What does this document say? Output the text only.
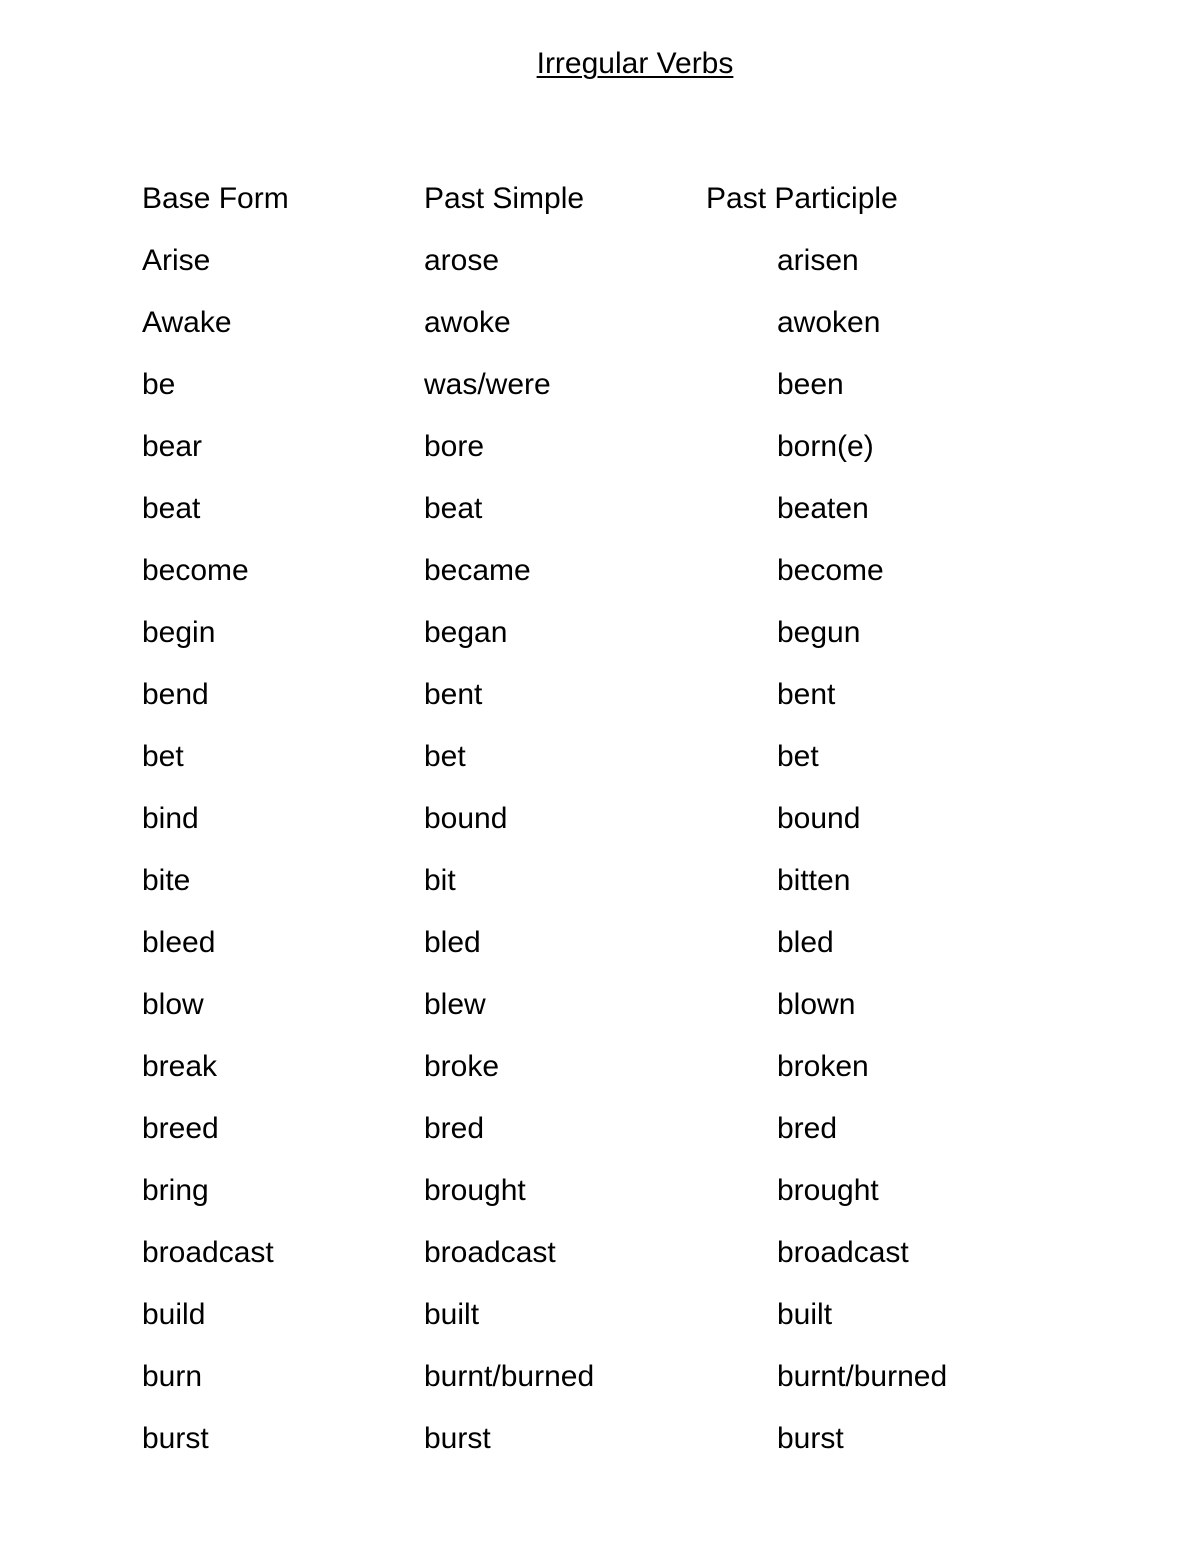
Irregular Verbs
Base Form	Past Simple	Past Participle
Arise	arose	arisen
Awake	awoke	awoken
be	was/were	been
bear	bore	born(e)
beat	beat	beaten
become	became	become
begin	began	begun
bend	bent	bent
bet	bet	bet
bind	bound	bound
bite	bit	bitten
bleed	bled	bled
blow	blew	blown
break	broke	broken
breed	bred	bred
bring	brought	brought
broadcast	broadcast	broadcast
build	built	built
burn	burnt/burned	burnt/burned
burst	burst	burst
